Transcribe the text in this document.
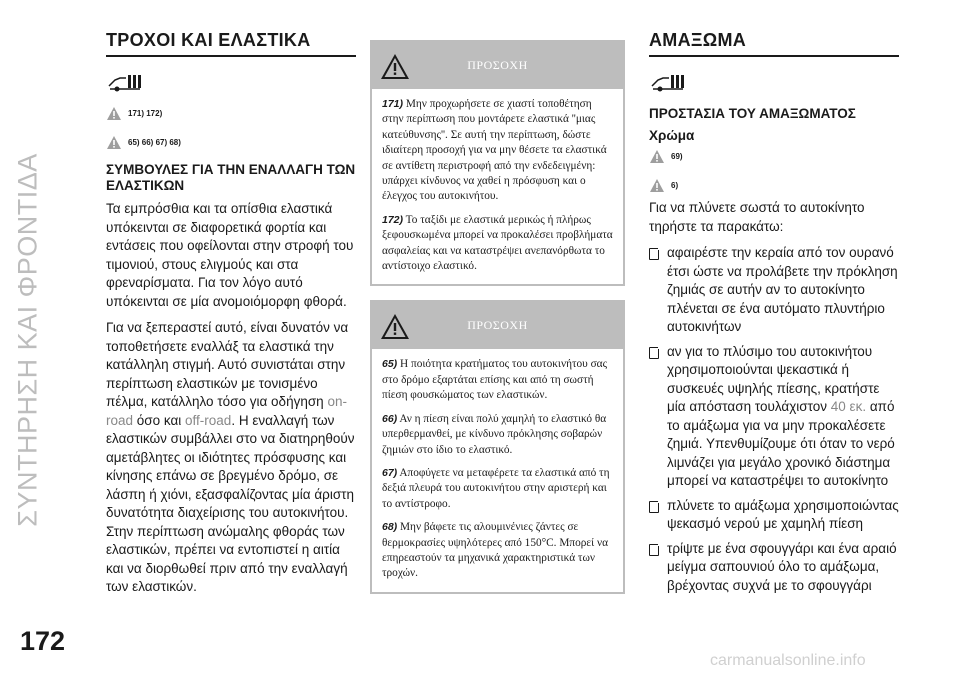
ΣΥΝΤΗΡΗΣΗ ΚΑΙ ΦΡΟΝΤΙΔΑ
172
carmanualsonline.info
ΤΡΟΧΟΙ ΚΑΙ ΕΛΑΣΤΙΚΑ
171) 172)
65) 66) 67) 68)
ΣΥΜΒΟΥΛΕΣ ΓΙΑ ΤΗΝ ΕΝΑΛΛΑΓΗ ΤΩΝ ΕΛΑΣΤΙΚΩΝ

Τα εμπρόσθια και τα οπίσθια ελαστικά υπόκεινται σε διαφορετικά φορτία και εντάσεις που οφείλονται στην στροφή του τιμονιού, στους ελιγμούς και στα φρεναρίσματα. Για τον λόγο αυτό υπόκεινται σε μία ανομοιόμορφη φθορά.

Για να ξεπεραστεί αυτό, είναι δυνατόν να τοποθετήσετε εναλλάξ τα ελαστικά την κατάλληλη στιγμή. Αυτό συνιστάται στην περίπτωση ελαστικών με τονισμένο πέλμα, κατάλληλο τόσο για οδήγηση on-road όσο και off-road. Η εναλλαγή των ελαστικών συμβάλλει στο να διατηρηθούν αμετάβλητες οι ιδιότητες πρόσφυσης και κίνησης επάνω σε βρεγμένο δρόμο, σε λάσπη ή χιόνι, εξασφαλίζοντας μία άριστη δυνατότητα διαχείρισης του αυτοκινήτου.

Στην περίπτωση ανώμαλης φθοράς των ελαστικών, πρέπει να εντοπιστεί η αιτία και να διορθωθεί πριν από την εναλλαγή των ελαστικών.

ΠΡΟΣΟΧΗ

171) Μην προχωρήσετε σε χιαστί τοποθέτηση στην περίπτωση που μοντάρετε ελαστικά ''μιας κατεύθυνσης''. Σε αυτή την περίπτωση, δώστε ιδιαίτερη προσοχή για να μην θέσετε τα ελαστικά σε αντίθετη περιστροφή από την ενδεδειγμένη: υπάρχει κίνδυνος να χαθεί η πρόσφυση και ο έλεγχος του αυτοκινήτου.

172) Το ταξίδι με ελαστικά μερικώς ή πλήρως ξεφουσκωμένα μπορεί να προκαλέσει προβλήματα ασφαλείας και να καταστρέψει ανεπανόρθωτα το αντίστοιχο ελαστικό.

ΠΡΟΣΟΧΗ

65) Η ποιότητα κρατήματος του αυτοκινήτου σας στο δρόμο εξαρτάται επίσης και από τη σωστή πίεση φουσκώματος των ελαστικών.

66) Αν η πίεση είναι πολύ χαμηλή το ελαστικό θα υπερθερμανθεί, με κίνδυνο πρόκλησης σοβαρών ζημιών στο ίδιο το ελαστικό.

67) Αποφύγετε να μεταφέρετε τα ελαστικά από τη δεξιά πλευρά του αυτοκινήτου στην αριστερή και το αντίστροφο.

68) Μην βάφετε τις αλουμινένιες ζάντες σε θερμοκρασίες υψηλότερες από 150°C. Μπορεί να επηρεαστούν τα μηχανικά χαρακτηριστικά των τροχών.

ΑΜΑΞΩΜΑ
ΠΡΟΣΤΑΣΙΑ ΤΟΥ ΑΜΑΞΩΜΑΤΟΣ
Χρώμα
69)
6)

Για να πλύνετε σωστά το αυτοκίνητο τηρήστε τα παρακάτω:

αφαιρέστε την κεραία από τον ουρανό έτσι ώστε να προλάβετε την πρόκληση ζημιάς σε αυτήν αν το αυτοκίνητο πλένεται σε ένα αυτόματο πλυντήριο αυτοκινήτων
αν για το πλύσιμο του αυτοκινήτου χρησιμοποιούνται ψεκαστικά ή συσκευές υψηλής πίεσης, κρατήστε μία απόσταση τουλάχιστον 40 εκ. από το αμάξωμα για να μην προκαλέσετε ζημιά. Υπενθυμίζουμε ότι όταν το νερό λιμνάζει για μεγάλο χρονικό διάστημα μπορεί να καταστρέψει το αυτοκίνητο
πλύνετε το αμάξωμα χρησιμοποιώντας ψεκασμό νερού με χαμηλή πίεση
τρίψτε με ένα σφουγγάρι και ένα αραιό μείγμα σαπουνιού όλο το αμάξωμα, βρέχοντας συχνά με το σφουγγάρι
